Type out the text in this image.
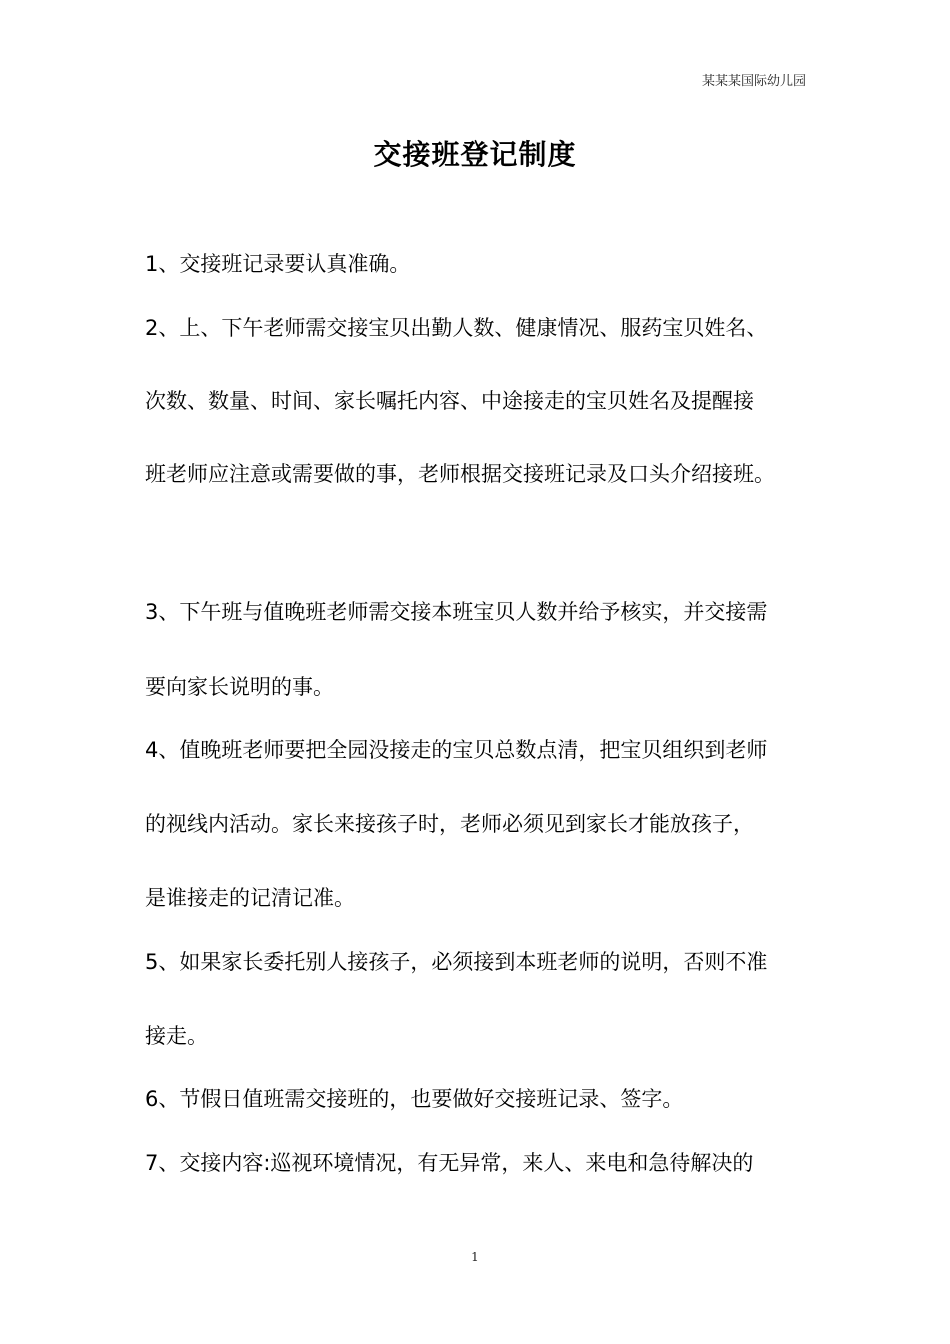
某某某国际幼儿园
交接班登记制度
1、交接班记录要认真准确。
2、上、下午老师需交接宝贝出勤人数、健康情况、服药宝贝姓名、
次数、数量、时间、家长嘱托内容、中途接走的宝贝姓名及提醒接
班老师应注意或需要做的事，老师根据交接班记录及口头介绍接班。
3、下午班与值晚班老师需交接本班宝贝人数并给予核实，并交接需
要向家长说明的事。
4、值晚班老师要把全园没接走的宝贝总数点清，把宝贝组织到老师
的视线内活动。家长来接孩子时，老师必须见到家长才能放孩子，
是谁接走的记清记准。
5、如果家长委托别人接孩子，必须接到本班老师的说明，否则不准
接走。
6、节假日值班需交接班的，也要做好交接班记录、签字。
7、交接内容:巡视环境情况，有无异常，来人、来电和急待解决的
1
